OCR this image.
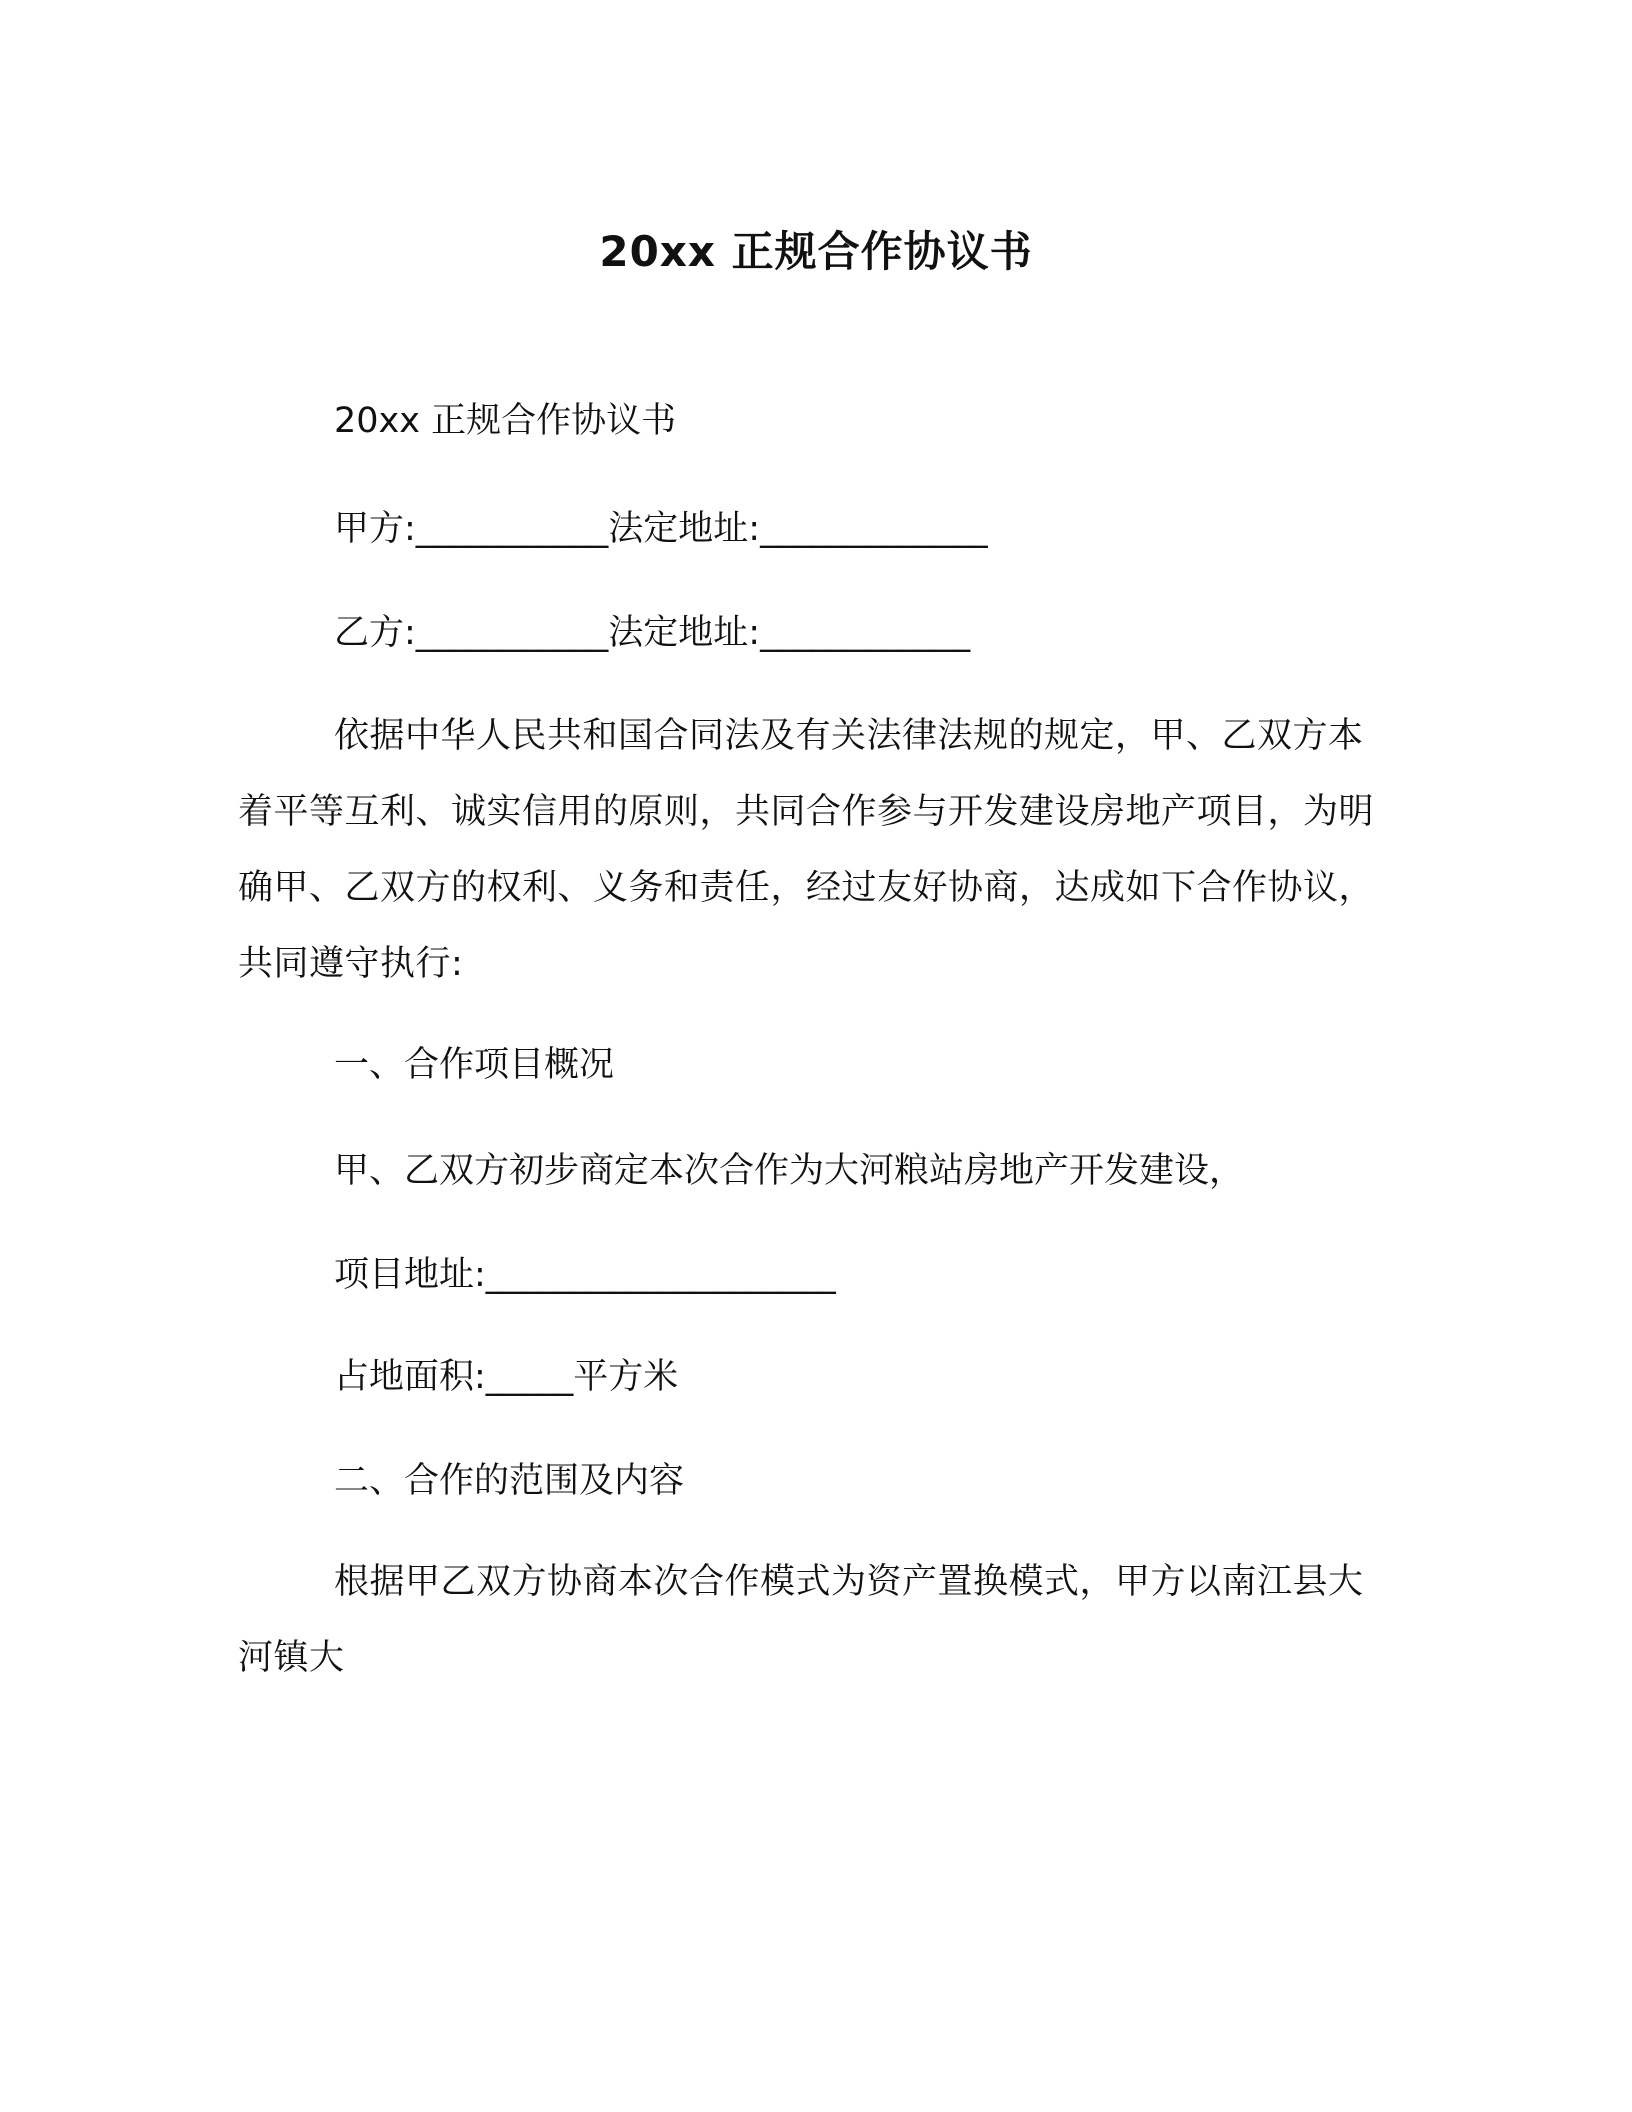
20xx 正规合作协议书
20xx 正规合作协议书
甲方:___________法定地址:_____________
乙方:___________法定地址:____________
依据中华人民共和国合同法及有关法律法规的规定，甲、乙双方本着平等互利、诚实信用的原则，共同合作参与开发建设房地产项目，为明确甲、乙双方的权利、义务和责任，经过友好协商，达成如下合作协议，共同遵守执行:
一、合作项目概况
甲、乙双方初步商定本次合作为大河粮站房地产开发建设，
项目地址:____________________
占地面积:_____平方米
二、合作的范围及内容
根据甲乙双方协商本次合作模式为资产置换模式，甲方以南江县大河镇大
